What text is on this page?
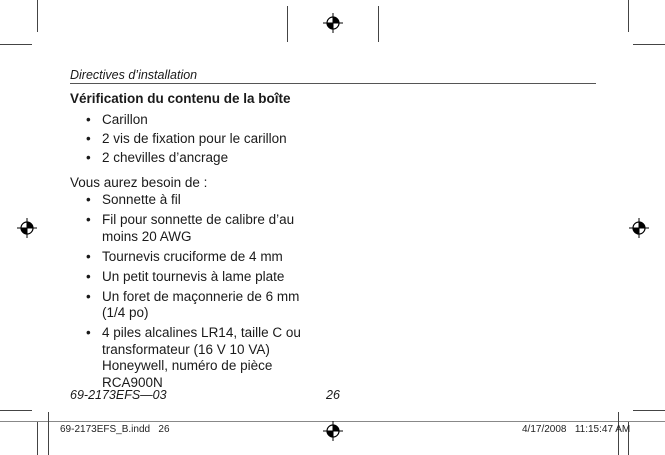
Directives d’installation
Vérification du contenu de la boîte
• Carillon
• 2 vis de fixation pour le carillon
• 2 chevilles d’ancrage
Vous aurez besoin de :
• Sonnette à fil
• Fil pour sonnette de calibre d’au moins 20 AWG
• Tournevis cruciforme de 4 mm
• Un petit tournevis à lame plate
• Un foret de maçonnerie de 6 mm (1/4 po)
• 4 piles alcalines LR14, taille C ou transformateur (16 V 10 VA) Honeywell, numéro de pièce RCA900N
69-2173EFS—03	26
69-2173EFS_B.indd   26	4/17/2008   11:15:47 AM
